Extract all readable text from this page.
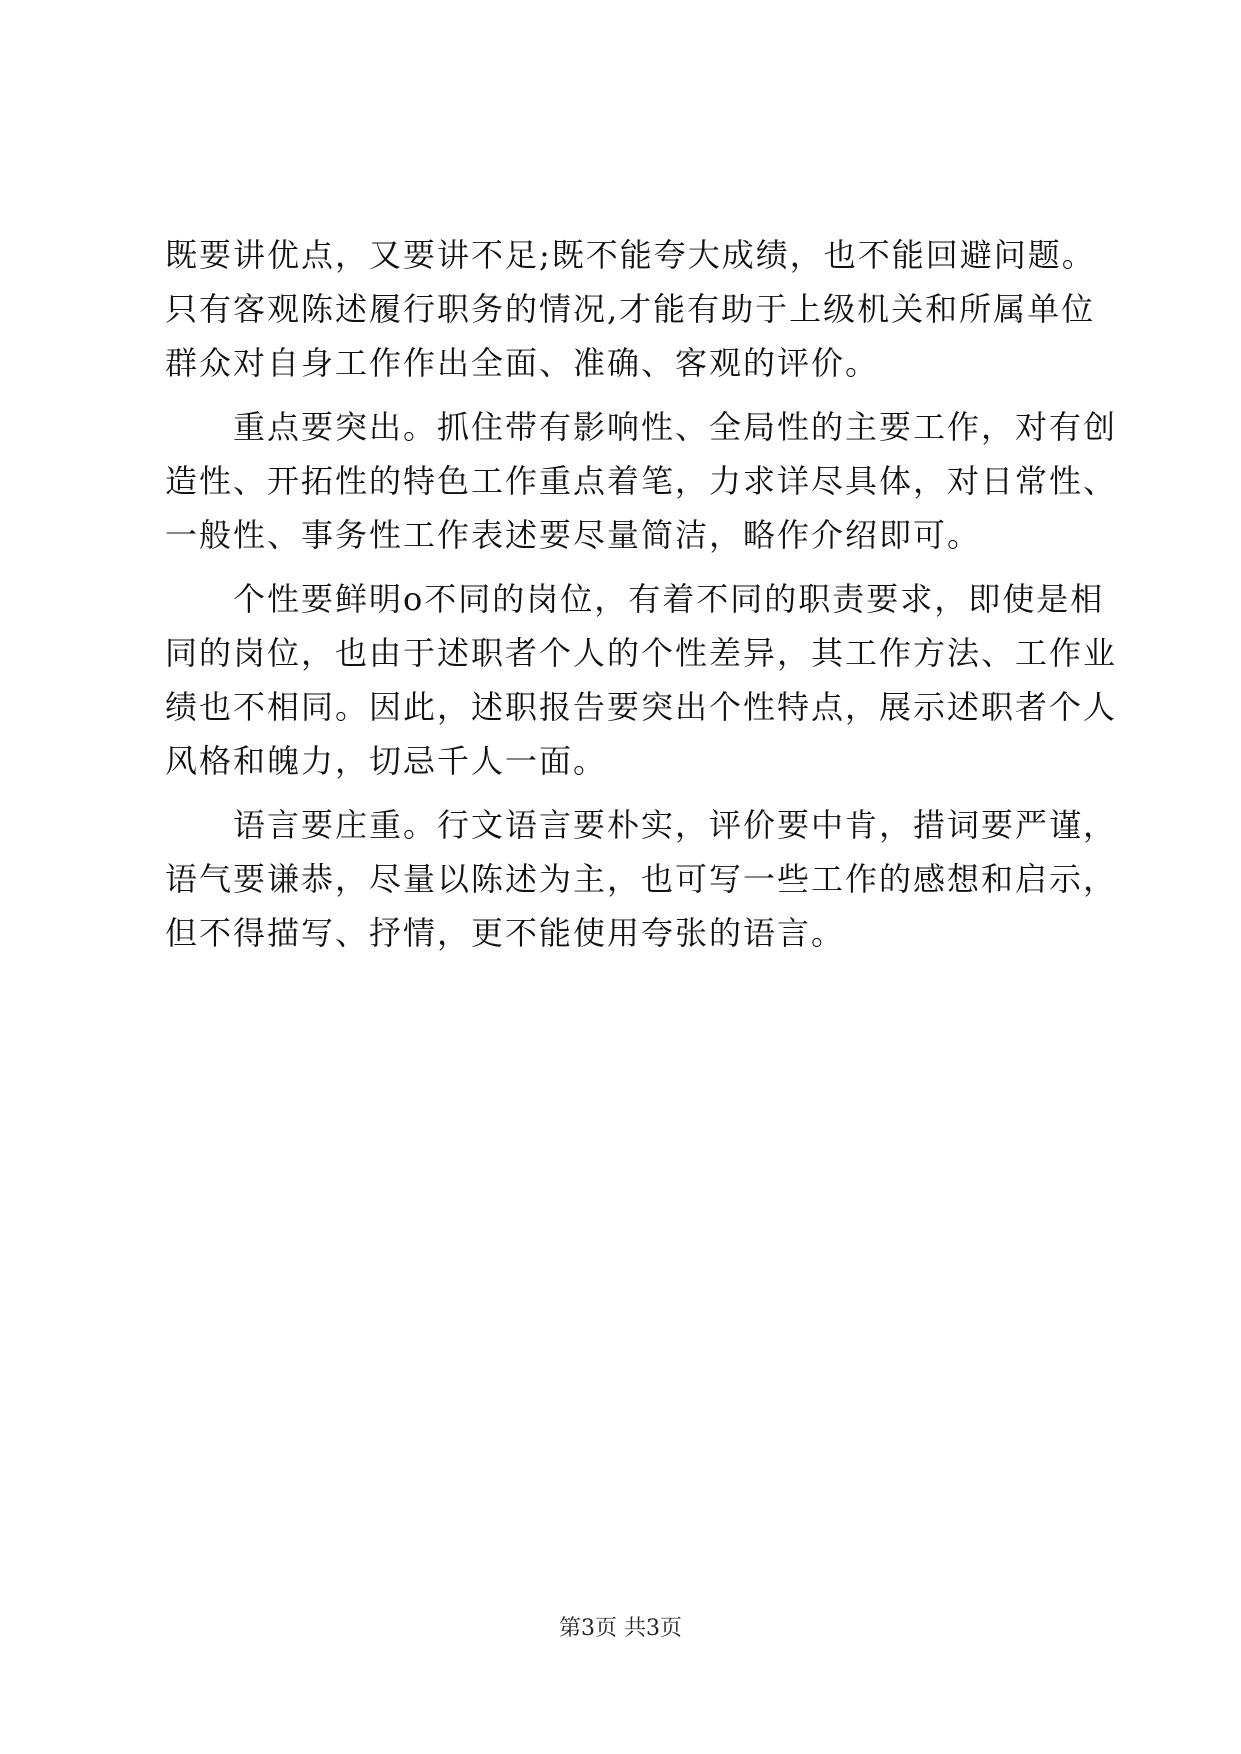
既要讲优点，又要讲不足;既不能夸大成绩，也不能回避问题。
只有客观陈述履行职务的情况,才能有助于上级机关和所属单位
群众对自身工作作出全面、准确、客观的评价。
重点要突出。抓住带有影响性、全局性的主要工作，对有创
造性、开拓性的特色工作重点着笔，力求详尽具体，对日常性、
一般性、事务性工作表述要尽量简洁，略作介绍即可。
个性要鲜明o不同的岗位，有着不同的职责要求，即使是相
同的岗位，也由于述职者个人的个性差异，其工作方法、工作业
绩也不相同。因此，述职报告要突出个性特点，展示述职者个人
风格和魄力，切忌千人一面。
语言要庄重。行文语言要朴实，评价要中肯，措词要严谨，
语气要谦恭，尽量以陈述为主，也可写一些工作的感想和启示，
但不得描写、抒情，更不能使用夸张的语言。
第3页 共3页
